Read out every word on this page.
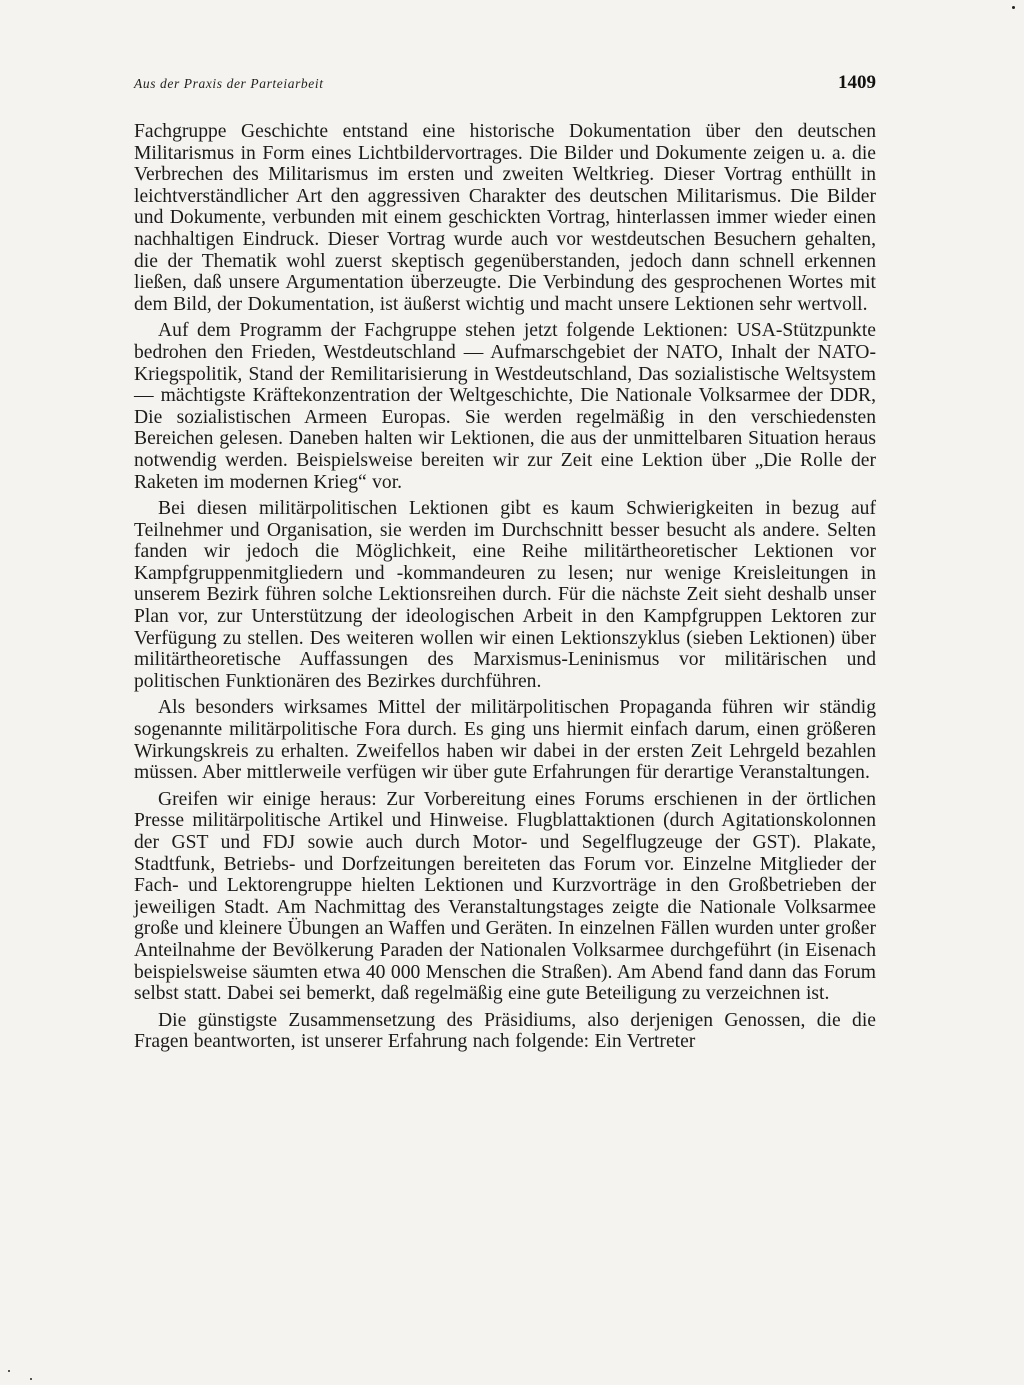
Aus der Praxis der Parteiarbeit	1409

Fachgruppe Geschichte entstand eine historische Dokumentation über den deutschen Militarismus in Form eines Lichtbildervortrages. Die Bilder und Dokumente zeigen u. a. die Verbrechen des Militarismus im ersten und zweiten Weltkrieg. Dieser Vortrag enthüllt in leichtverständlicher Art den aggressiven Charakter des deutschen Militarismus. Die Bilder und Dokumente, verbunden mit einem geschickten Vortrag, hinterlassen immer wieder einen nachhaltigen Eindruck. Dieser Vortrag wurde auch vor westdeutschen Besuchern gehalten, die der Thematik wohl zuerst skeptisch gegenüberstanden, jedoch dann schnell erkennen ließen, daß unsere Argumentation überzeugte. Die Verbindung des gesprochenen Wortes mit dem Bild, der Dokumentation, ist äußerst wichtig und macht unsere Lektionen sehr wertvoll.

Auf dem Programm der Fachgruppe stehen jetzt folgende Lektionen: USA-Stützpunkte bedrohen den Frieden, Westdeutschland — Aufmarschgebiet der NATO, Inhalt der NATO-Kriegspolitik, Stand der Remilitarisierung in Westdeutschland, Das sozialistische Weltsystem — mächtigste Kräftekonzentration der Weltgeschichte, Die Nationale Volksarmee der DDR, Die sozialistischen Armeen Europas. Sie werden regelmäßig in den verschiedensten Bereichen gelesen. Daneben halten wir Lektionen, die aus der unmittelbaren Situation heraus notwendig werden. Beispielsweise bereiten wir zur Zeit eine Lektion über „Die Rolle der Raketen im modernen Krieg“ vor.

Bei diesen militärpolitischen Lektionen gibt es kaum Schwierigkeiten in bezug auf Teilnehmer und Organisation, sie werden im Durchschnitt besser besucht als andere. Selten fanden wir jedoch die Möglichkeit, eine Reihe militärtheoretischer Lektionen vor Kampfgruppenmitgliedern und -kommandeuren zu lesen; nur wenige Kreisleitungen in unserem Bezirk führen solche Lektionsreihen durch. Für die nächste Zeit sieht deshalb unser Plan vor, zur Unterstützung der ideologischen Arbeit in den Kampfgruppen Lektoren zur Verfügung zu stellen. Des weiteren wollen wir einen Lektionszyklus (sieben Lektionen) über militärtheoretische Auffassungen des Marxismus-Leninismus vor militärischen und politischen Funktionären des Bezirkes durchführen.

Als besonders wirksames Mittel der militärpolitischen Propaganda führen wir ständig sogenannte militärpolitische Fora durch. Es ging uns hiermit einfach darum, einen größeren Wirkungskreis zu erhalten. Zweifellos haben wir dabei in der ersten Zeit Lehrgeld bezahlen müssen. Aber mittlerweile verfügen wir über gute Erfahrungen für derartige Veranstaltungen.

Greifen wir einige heraus: Zur Vorbereitung eines Forums erschienen in der örtlichen Presse militärpolitische Artikel und Hinweise. Flugblattaktionen (durch Agitationskolonnen der GST und FDJ sowie auch durch Motor- und Segelflugzeuge der GST). Plakate, Stadtfunk, Betriebs- und Dorfzeitungen bereiteten das Forum vor. Einzelne Mitglieder der Fach- und Lektorengruppe hielten Lektionen und Kurzvorträge in den Großbetrieben der jeweiligen Stadt. Am Nachmittag des Veranstaltungstages zeigte die Nationale Volksarmee große und kleinere Übungen an Waffen und Geräten. In einzelnen Fällen wurden unter großer Anteilnahme der Bevölkerung Paraden der Nationalen Volksarmee durchgeführt (in Eisenach beispielsweise säumten etwa 40 000 Menschen die Straßen). Am Abend fand dann das Forum selbst statt. Dabei sei bemerkt, daß regelmäßig eine gute Beteiligung zu verzeichnen ist.

Die günstigste Zusammensetzung des Präsidiums, also derjenigen Genossen, die die Fragen beantworten, ist unserer Erfahrung nach folgende: Ein Vertreter
